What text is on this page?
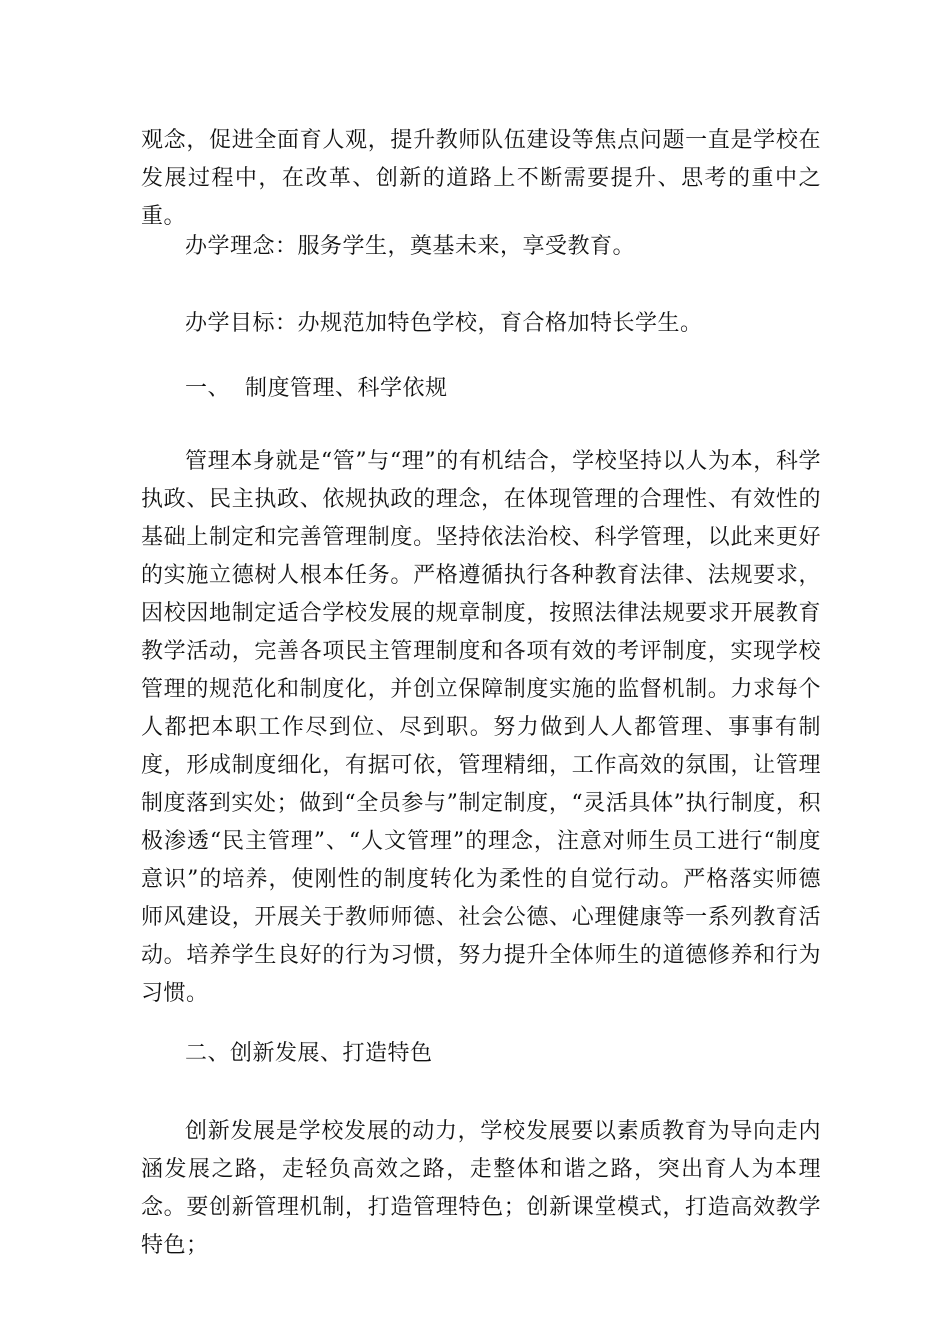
观念，促进全面育人观，提升教师队伍建设等焦点问题一直是学校在发展过程中，在改革、创新的道路上不断需要提升、思考的重中之重。

办学理念：服务学生，奠基未来，享受教育。

办学目标：办规范加特色学校，育合格加特长学生。

一、  制度管理、科学依规

管理本身就是“管”与“理”的有机结合，学校坚持以人为本，科学执政、民主执政、依规执政的理念，在体现管理的合理性、有效性的基础上制定和完善管理制度。坚持依法治校、科学管理，以此来更好的实施立德树人根本任务。严格遵循执行各种教育法律、法规要求，因校因地制定适合学校发展的规章制度，按照法律法规要求开展教育教学活动，完善各项民主管理制度和各项有效的考评制度，实现学校管理的规范化和制度化，并创立保障制度实施的监督机制。力求每个人都把本职工作尽到位、尽到职。努力做到人人都管理、事事有制度，形成制度细化，有据可依，管理精细，工作高效的氛围，让管理制度落到实处；做到“全员参与”制定制度，“灵活具体”执行制度，积极渗透“民主管理”、“人文管理”的理念，注意对师生员工进行“制度意识”的培养，使刚性的制度转化为柔性的自觉行动。严格落实师德师风建设，开展关于教师师德、社会公德、心理健康等一系列教育活动。培养学生良好的行为习惯，努力提升全体师生的道德修养和行为习惯。

二、创新发展、打造特色

创新发展是学校发展的动力，学校发展要以素质教育为导向走内涵发展之路，走轻负高效之路，走整体和谐之路，突出育人为本理念。要创新管理机制，打造管理特色；创新课堂模式，打造高效教学特色；
